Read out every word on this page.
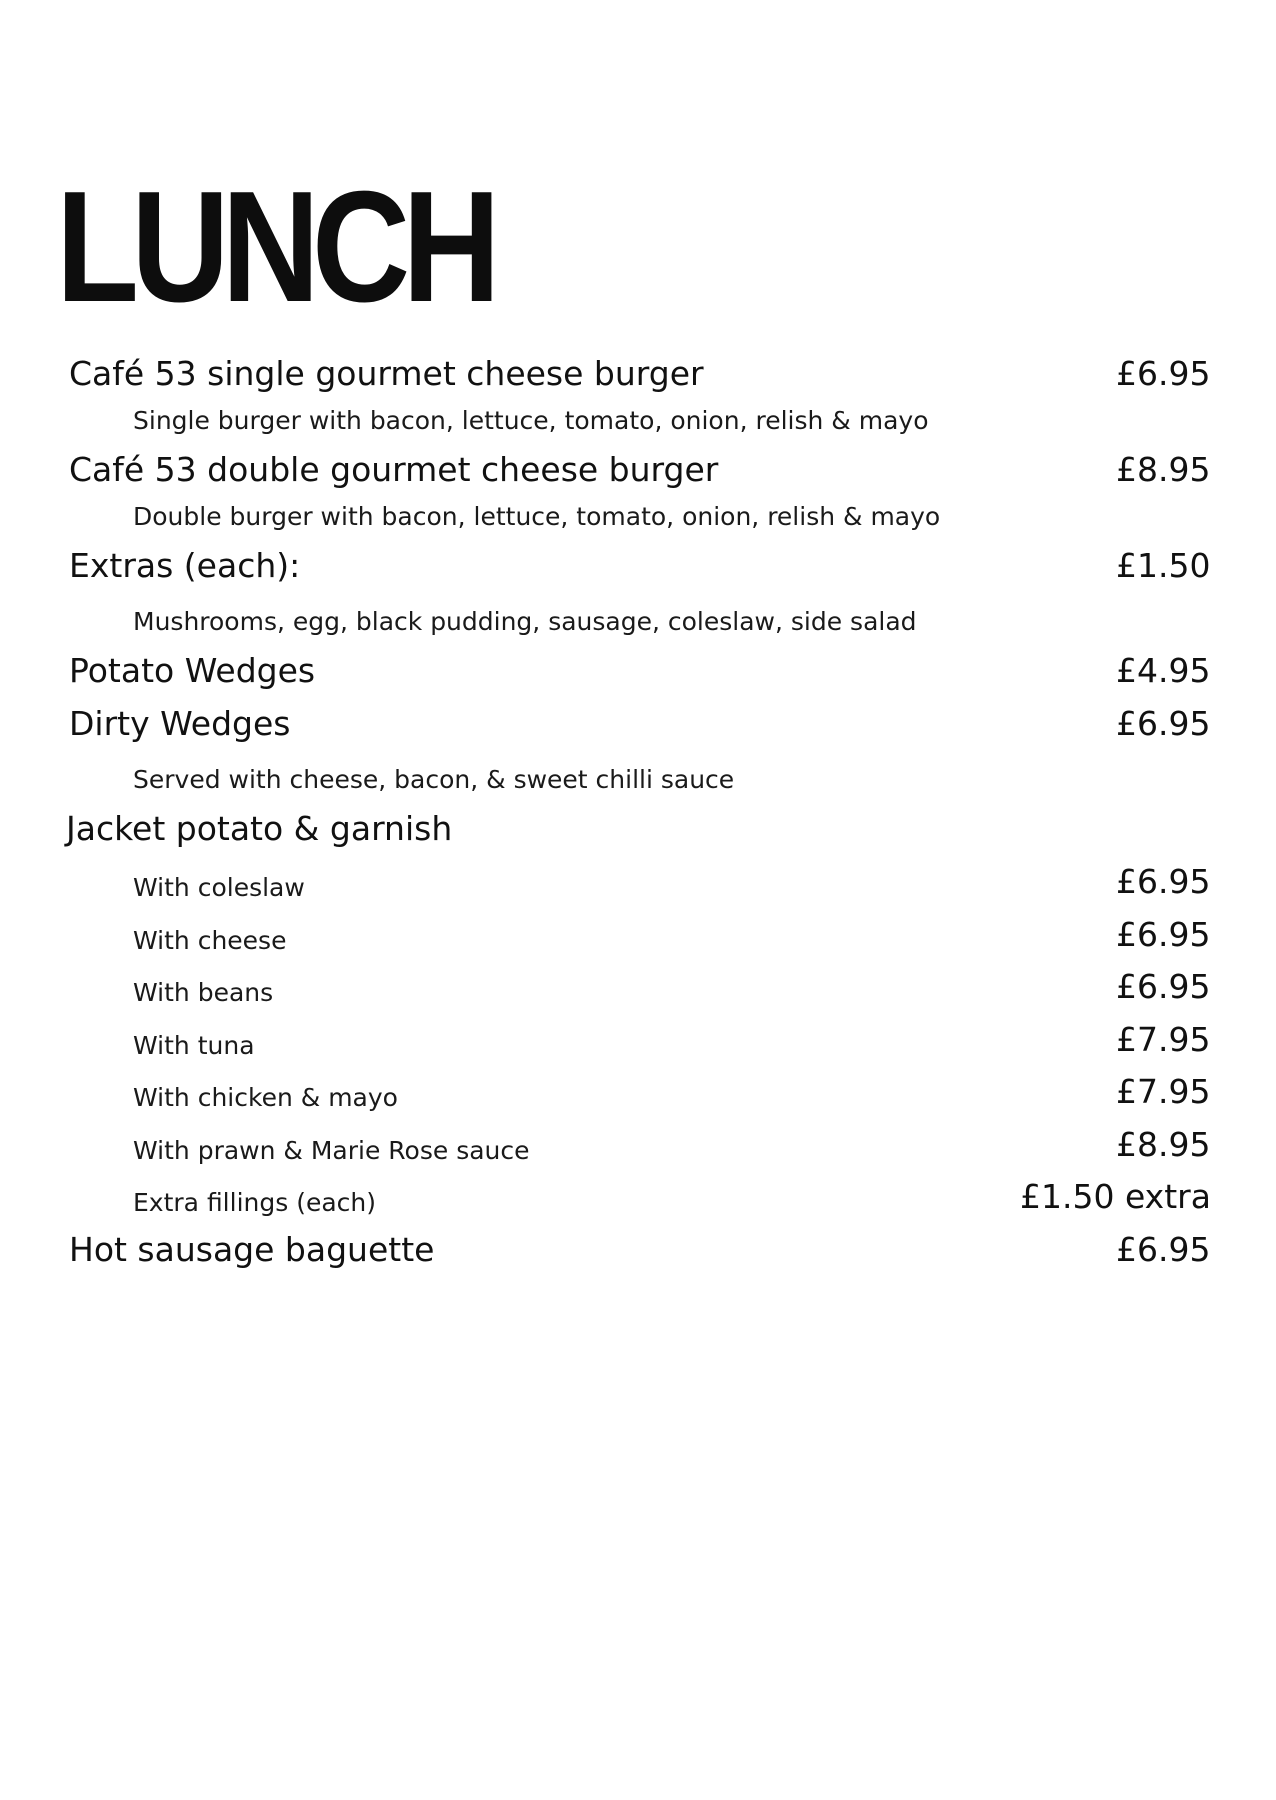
LUNCH
Café 53 single gourmet cheese burger	£6.95
Single burger with bacon, lettuce, tomato, onion, relish & mayo
Café 53 double gourmet cheese burger	£8.95
Double burger with bacon, lettuce, tomato, onion, relish & mayo
Extras (each):	£1.50
Mushrooms, egg, black pudding, sausage, coleslaw, side salad
Potato Wedges	£4.95
Dirty Wedges	£6.95
Served with cheese, bacon, & sweet chilli sauce
Jacket potato & garnish
With coleslaw	£6.95
With cheese	£6.95
With beans	£6.95
With tuna	£7.95
With chicken & mayo	£7.95
With prawn & Marie Rose sauce	£8.95
Extra fillings (each)	£1.50 extra
Hot sausage baguette	£6.95
